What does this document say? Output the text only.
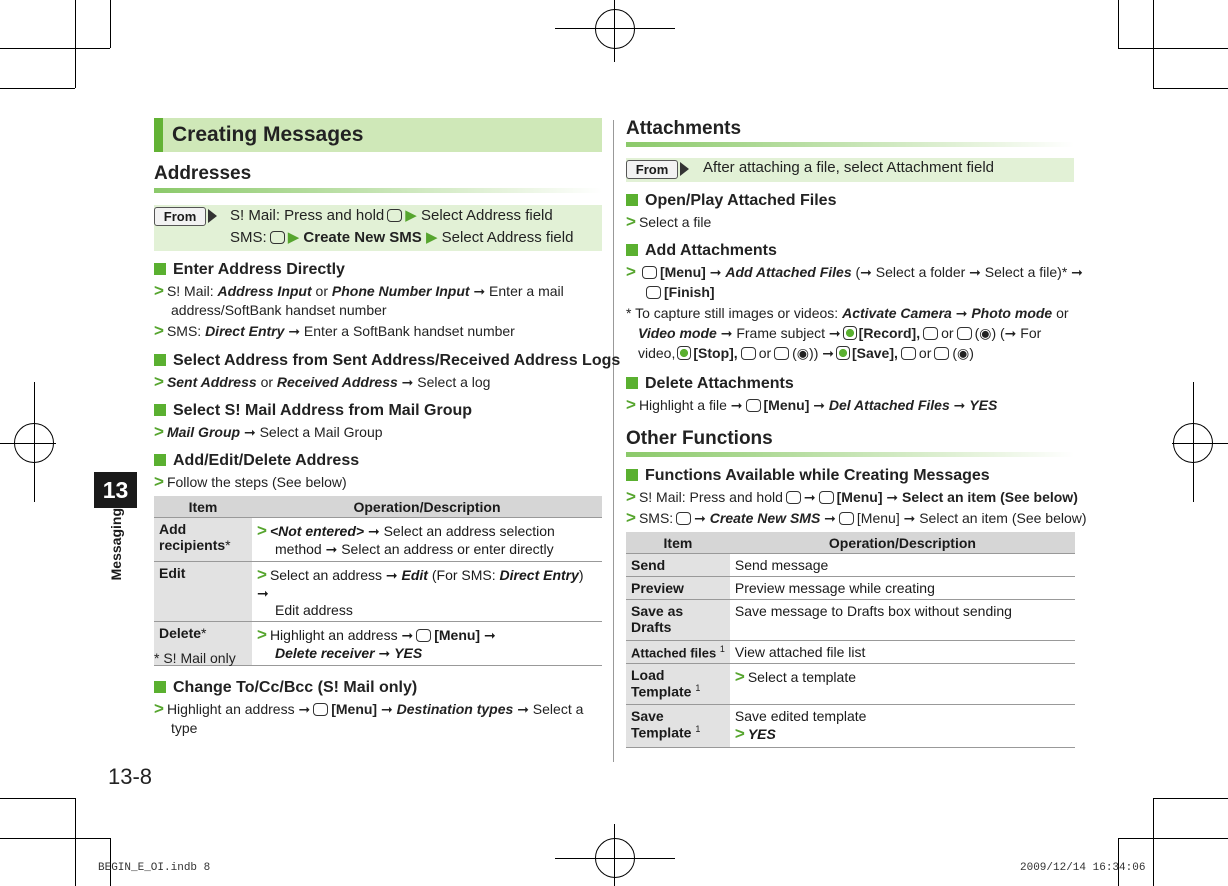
13
Messaging
13-8
Creating Messages
Addresses
From	S! Mail: Press and hold ▶ Select Address field
SMS: ▶ Create New SMS ▶ Select Address field
Enter Address Directly
> S! Mail: Address Input or Phone Number Input ➞ Enter a mail
address/SoftBank handset number
> SMS: Direct Entry ➞ Enter a SoftBank handset number
Select Address from Sent Address/Received Address Logs
> Sent Address or Received Address ➞ Select a log
Select S! Mail Address from Mail Group
> Mail Group ➞ Select a Mail Group
Add/Edit/Delete Address
> Follow the steps (See below)
Item	Operation/Description
Add recipients*	> <Not entered> ➞ Select an address selection
method ➞ Select an address or enter directly
Edit	> Select an address ➞ Edit (For SMS: Direct Entry) ➞
Edit address
Delete*	> Highlight an address ➞ [Menu] ➞
Delete receiver ➞ YES
* S! Mail only
Change To/Cc/Bcc (S! Mail only)
> Highlight an address ➞ [Menu] ➞ Destination types ➞ Select a
type
Attachments
From	After attaching a file, select Attachment field
Open/Play Attached Files
> Select a file
Add Attachments
> [Menu] ➞ Add Attached Files (➞ Select a folder ➞ Select a file)* ➞
[Finish]
* To capture still images or videos: Activate Camera ➞ Photo mode or
Video mode ➞ Frame subject ➞ [Record], or (◉) (➞ For
video, [Stop], or (◉)) ➞ [Save], or (◉)
Delete Attachments
> Highlight a file ➞ [Menu] ➞ Del Attached Files ➞ YES
Other Functions
Functions Available while Creating Messages
> S! Mail: Press and hold ➞ [Menu] ➞ Select an item (See below)
> SMS: ➞ Create New SMS ➞ [Menu] ➞ Select an item (See below)
Item	Operation/Description
Send	Send message
Preview	Preview message while creating
Save as Drafts	Save message to Drafts box without sending
Attached files $^1$	View attached file list
Load Template $^1$	> Select a template
Save Template $^1$	Save edited template
> YES
BEGIN_E_OI.indb 8	2009/12/14 16:34:06
